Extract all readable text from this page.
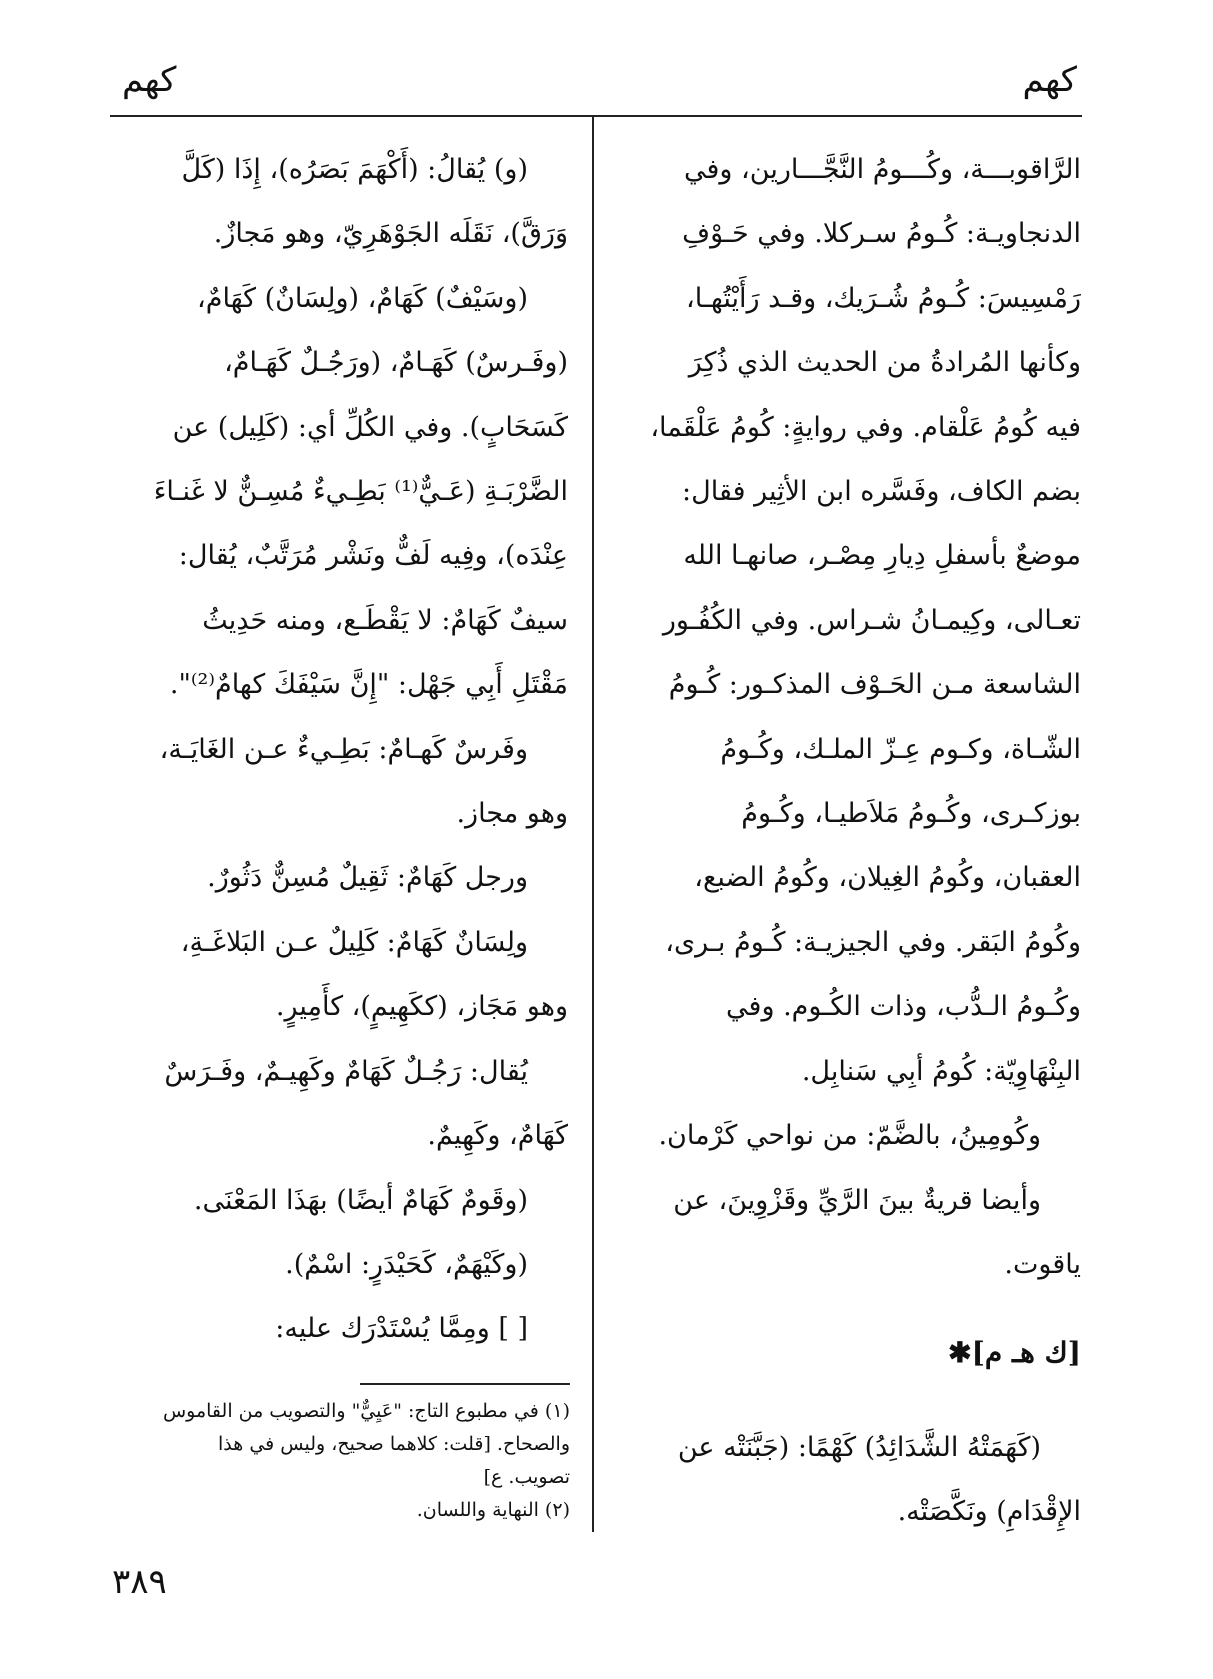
كهم
كهم
الرَّاقوبـــة، وكُـــومُ النَّجَّـــارين، وفي
الدنجاويـة: كُـومُ سـركلا. وفي حَـوْفِ
رَمْسِيسَ: كُـومُ شُـرَيك، وقـد رَأَيْتُهـا،
وكأنها المُرادةُ من الحديث الذي ذُكِرَ
فيه كُومُ عَلْقام. وفي روايةٍ: كُومُ عَلْقَما،
بضم الكاف، وفَسَّره ابن الأثِير فقال:
موضعٌ بأسفلِ دِيارِ مِصْـر، صانهـا الله
تعـالى، وكِيمـانُ شـراس. وفي الكُفُـور
الشاسعة مـن الحَـوْف المذكـور: كُـومُ
الشّـاة، وكـوم عِـزّ الملـك، وكُـومُ
بوزكـرى، وكُـومُ مَلاَطيـا، وكُـومُ
العقبان، وكُومُ الغِيلان، وكُومُ الضبع،
وكُومُ البَقر. وفي الجيزيـة: كُـومُ بـرى،
وكُـومُ الـدُّب، وذات الكُـوم. وفي
البِنْهَاوِيّة: كُومُ أبِي سَنابِل.
وكُومِينُ، بالضَّمّ: من نواحي كَرْمان.
وأيضا قريةٌ بينَ الرَّيِّ وقَزْوِينَ، عن
ياقوت.
[ك هـ م]✱
(كَهَمَتْهُ الشَّدَائِدُ) كَهْمًا: (جَبَّنَتْه عن
الإِقْدَامِ) ونَكَّصَتْه.
(و) يُقالُ: (أَكْهَمَ بَصَرُه)، إِذَا (كَلَّ
وَرَقَّ)، نَقَلَه الجَوْهَرِيّ، وهو مَجازٌ.
(وسَيْفٌ) كَهَامٌ، (ولِسَانٌ) كَهَامٌ،
(وفَـرسٌ) كَهَـامٌ، (ورَجُـلٌ كَهَـامٌ،
كَسَحَابٍ). وفي الكُلِّ أي: (كَلِيل) عن
الضَّرْبَـةِ (عَـيٌّ⁽¹⁾ بَطِـيءٌ مُسِـنٌّ لا غَنـاءَ
عِنْدَه)، وفِيه لَفٌّ ونَشْر مُرَتَّبٌ، يُقال:
سيفٌ كَهَامٌ: لا يَقْطَـع، ومنه حَدِيثُ
مَقْتَلِ أَبِي جَهْل: "إِنَّ سَيْفَكَ كهامٌ⁽²⁾".
وفَرسٌ كَهـامٌ: بَطِـيءٌ عـن الغَايَـة،
وهو مجاز.
ورجل كَهَامٌ: ثَقِيلٌ مُسِنٌّ دَثُورٌ.
ولِسَانٌ كَهَامٌ: كَلِيلٌ عـن البَلاغَـةِ،
وهو مَجَاز، (ككَهِيمٍ)، كأَمِيرٍ.
يُقال: رَجُـلٌ كَهَامٌ وكَهِيـمٌ، وفَـرَسٌ
كَهَامٌ، وكَهِيمٌ.
(وقَومٌ كَهَامٌ أيضًا) بهَذَا المَعْنَى.
(وكَيْهَمٌ، كَحَيْدَرٍ: اسْمٌ).
[ ] ومِمَّا يُسْتَدْرَك عليه:
(١) في مطبوع التاج: "عَيِيٌّ" والتصويب من القاموس
والصحاح. [قلت: كلاهما صحيح، وليس في هذا
تصويب. ع]
(٢) النهاية واللسان.
٣٨٩
